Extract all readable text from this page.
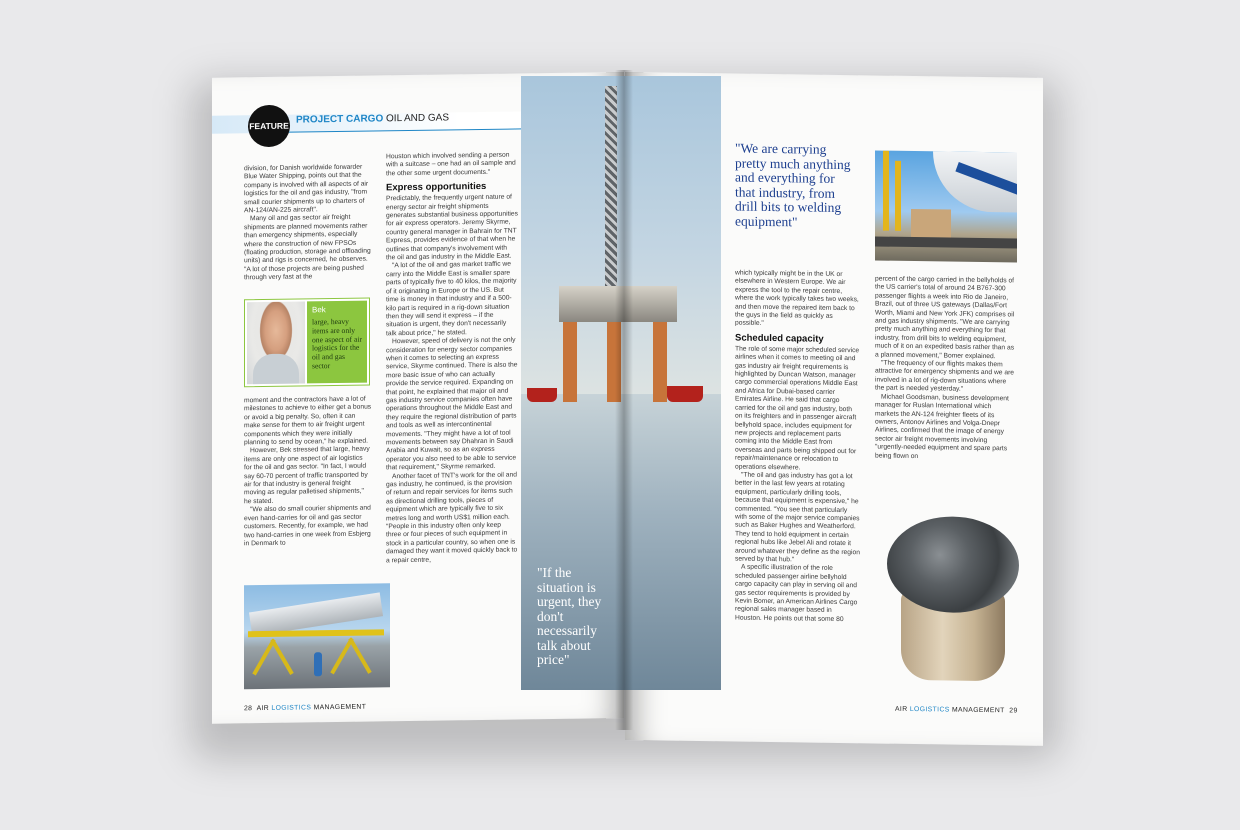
FEATURE
PROJECT CARGO OIL AND GAS

division, for Danish worldwide forwarder Blue Water Shipping, points out that the company is involved with all aspects of air logistics for the oil and gas industry, "from small courier shipments up to charters of AN-124/AN-225 aircraft".

Many oil and gas sector air freight shipments are planned movements rather than emergency shipments, especially where the construction of new FPSOs (floating production, storage and offloading units) and rigs is concerned, he observes. "A lot of those projects are being pushed through very fast at the

Bek
large, heavy items are only one aspect of air logistics for the oil and gas sector

moment and the contractors have a lot of milestones to achieve to either get a bonus or avoid a big penalty. So, often it can make sense for them to air freight urgent components which they were initially planning to send by ocean," he explained.

However, Bek stressed that large, heavy items are only one aspect of air logistics for the oil and gas sector. "In fact, I would say 60-70 percent of traffic transported by air for that industry is general freight moving as regular palletised shipments," he stated.

"We also do small courier shipments and even hand-carries for oil and gas sector customers. Recently, for example, we had two hand-carries in one week from Esbjerg in Denmark to

Houston which involved sending a person with a suitcase – one had an oil sample and the other some urgent documents."

Express opportunities

Predictably, the frequently urgent nature of energy sector air freight shipments generates substantial business opportunities for air express operators. Jeremy Skyrme, country general manager in Bahrain for TNT Express, provides evidence of that when he outlines that company's involvement with the oil and gas industry in the Middle East.

"A lot of the oil and gas market traffic we carry into the Middle East is smaller spare parts of typically five to 40 kilos, the majority of it originating in Europe or the US. But time is money in that industry and if a 500-kilo part is required in a rig-down situation then they will send it express – if the situation is urgent, they don't necessarily talk about price," he stated.

However, speed of delivery is not the only consideration for energy sector companies when it comes to selecting an express service, Skyrme continued. There is also the more basic issue of who can actually provide the service required. Expanding on that point, he explained that major oil and gas industry service companies often have operations throughout the Middle East and they require the regional distribution of parts and tools as well as intercontinental movements. "They might have a lot of tool movements between say Dhahran in Saudi Arabia and Kuwait, so as an express operator you also need to be able to service that requirement," Skyrme remarked.

Another facet of TNT's work for the oil and gas industry, he continued, is the provision of return and repair services for items such as directional drilling tools, pieces of equipment which are typically five to six metres long and worth US$1 million each. "People in this industry often only keep three or four pieces of such equipment in stock in a particular country, so when one is damaged they want it moved quickly back to a repair centre,

28 AIR LOGISTICS MANAGEMENT
"We are carrying pretty much anything and everything for that industry, from drill bits to welding equipment"

which typically might be in the UK or elsewhere in Western Europe. We air express the tool to the repair centre, where the work typically takes two weeks, and then move the repaired item back to the guys in the field as quickly as possible."

Scheduled capacity

The role of some major scheduled service airlines when it comes to meeting oil and gas industry air freight requirements is highlighted by Duncan Watson, manager cargo commercial operations Middle East and Africa for Dubai-based carrier Emirates Airline. He said that cargo carried for the oil and gas industry, both on its freighters and in passenger aircraft bellyhold space, includes equipment for new projects and replacement parts coming into the Middle East from overseas and parts being shipped out for repair/maintenance or relocation to operations elsewhere.

"The oil and gas industry has got a lot better in the last few years at rotating equipment, particularly drilling tools, because that equipment is expensive," he commented. "You see that particularly with some of the major service companies such as Baker Hughes and Weatherford. They tend to hold equipment in certain regional hubs like Jebel Ali and rotate it around whatever they define as the region served by that hub."

A specific illustration of the role scheduled passenger airline bellyhold cargo capacity can play in serving oil and gas sector requirements is provided by Kevin Bomer, an American Airlines Cargo regional sales manager based in Houston. He points out that some 80

percent of the cargo carried in the bellyholds of the US carrier's total of around 24 B767-300 passenger flights a week into Rio de Janeiro, Brazil, out of three US gateways (Dallas/Fort Worth, Miami and New York JFK) comprises oil and gas industry shipments. "We are carrying pretty much anything and everything for that industry, from drill bits to welding equipment, much of it on an expedited basis rather than as a planned movement," Bomer explained.

"The frequency of our flights makes them attractive for emergency shipments and we are involved in a lot of rig-down situations where the part is needed yesterday."

Michael Goodsman, business development manager for Ruslan International which markets the AN-124 freighter fleets of its owners, Antonov Airlines and Volga-Dnepr Airlines, confirmed that the image of energy sector air freight movements involving "urgently-needed equipment and spare parts being flown on

AIR LOGISTICS MANAGEMENT 29
"If the situation is urgent, they don't necessarily talk about price"
